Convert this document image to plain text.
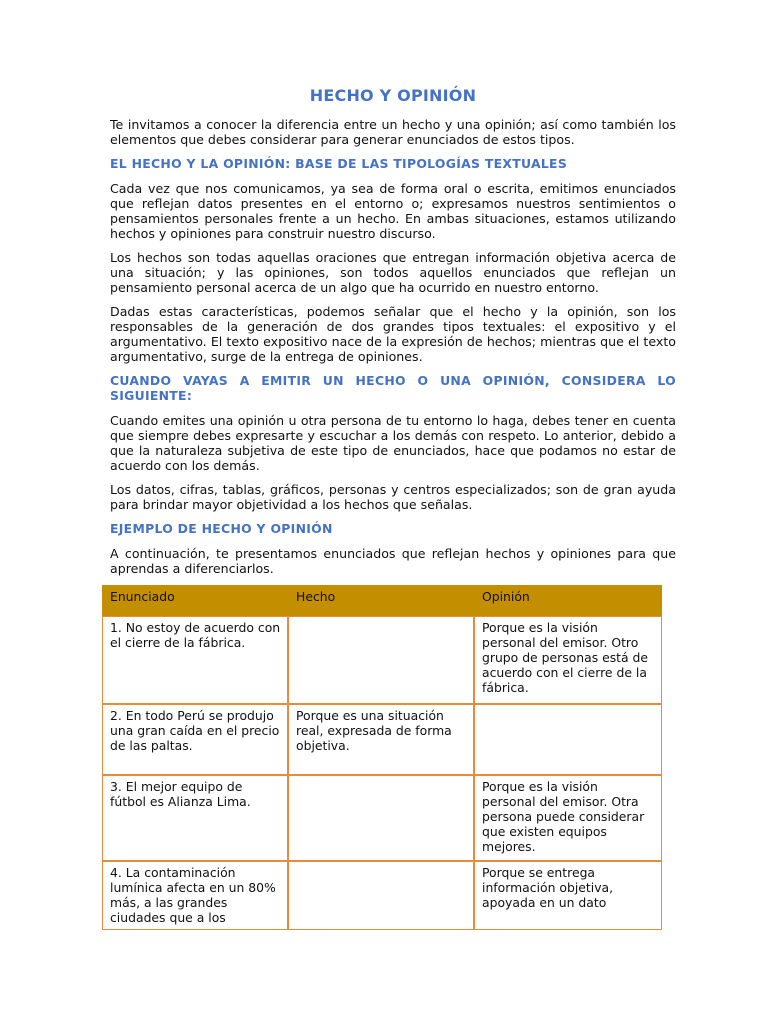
HECHO Y OPINIÓN

Te invitamos a conocer la diferencia entre un hecho y una opinión; así como también los elementos que debes considerar para generar enunciados de estos tipos.

EL HECHO Y LA OPINIÓN: BASE DE LAS TIPOLOGÍAS TEXTUALES

Cada vez que nos comunicamos, ya sea de forma oral o escrita, emitimos enunciados que reflejan datos presentes en el entorno o; expresamos nuestros sentimientos o pensamientos personales frente a un hecho. En ambas situaciones, estamos utilizando hechos y opiniones para construir nuestro discurso.

Los hechos son todas aquellas oraciones que entregan información objetiva acerca de una situación; y las opiniones, son todos aquellos enunciados que reflejan un pensamiento personal acerca de un algo que ha ocurrido en nuestro entorno.

Dadas estas características, podemos señalar que el hecho y la opinión, son los responsables de la generación de dos grandes tipos textuales: el expositivo y el argumentativo. El texto expositivo nace de la expresión de hechos; mientras que el texto argumentativo, surge de la entrega de opiniones.

CUANDO VAYAS A EMITIR UN HECHO O UNA OPINIÓN, CONSIDERA LO SIGUIENTE:

Cuando emites una opinión u otra persona de tu entorno lo haga, debes tener en cuenta que siempre debes expresarte y escuchar a los demás con respeto. Lo anterior, debido a que la naturaleza subjetiva de este tipo de enunciados, hace que podamos no estar de acuerdo con los demás.

Los datos, cifras, tablas, gráficos, personas y centros especializados; son de gran ayuda para brindar mayor objetividad a los hechos que señalas.

EJEMPLO DE HECHO Y OPINIÓN

A continuación, te presentamos enunciados que reflejan hechos y opiniones para que aprendas a diferenciarlos.

Enunciado	Hecho	Opinión
1. No estoy de acuerdo con el cierre de la fábrica.		Porque es la visión personal del emisor. Otro grupo de personas está de acuerdo con el cierre de la fábrica.
2. En todo Perú se produjo una gran caída en el precio de las paltas.	Porque es una situación real, expresada de forma objetiva.	
3. El mejor equipo de fútbol es Alianza Lima.		Porque es la visión personal del emisor. Otra persona puede considerar que existen equipos mejores.
4. La contaminación lumínica afecta en un 80% más, a las grandes ciudades que a los		Porque se entrega información objetiva, apoyada en un dato
